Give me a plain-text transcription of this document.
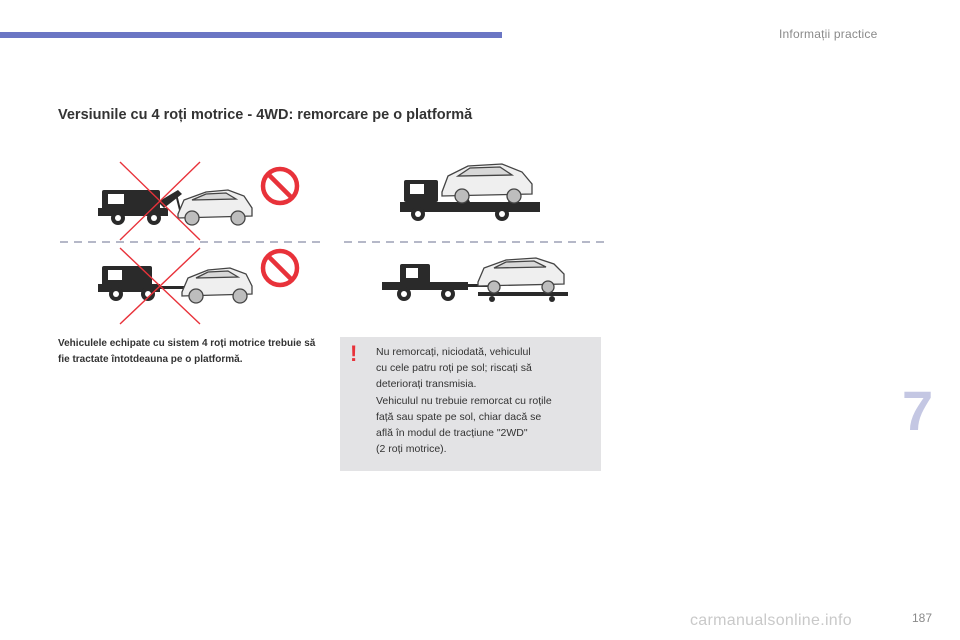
Informații practice
Versiunile cu 4 roți motrice - 4WD: remorcare pe o platformă
Vehiculele echipate cu sistem 4 roți motrice trebuie să fie tractate întotdeauna pe o platformă.	! Nu remorcați, niciodată, vehiculul
cu cele patru roți pe sol; riscați să
deteriorați transmisia.
Vehiculul nu trebuie remorcat cu roțile
față sau spate pe sol, chiar dacă se
află în modul de tracțiune "2WD"
(2 roți motrice).
7
carmanualsonline.info	187
